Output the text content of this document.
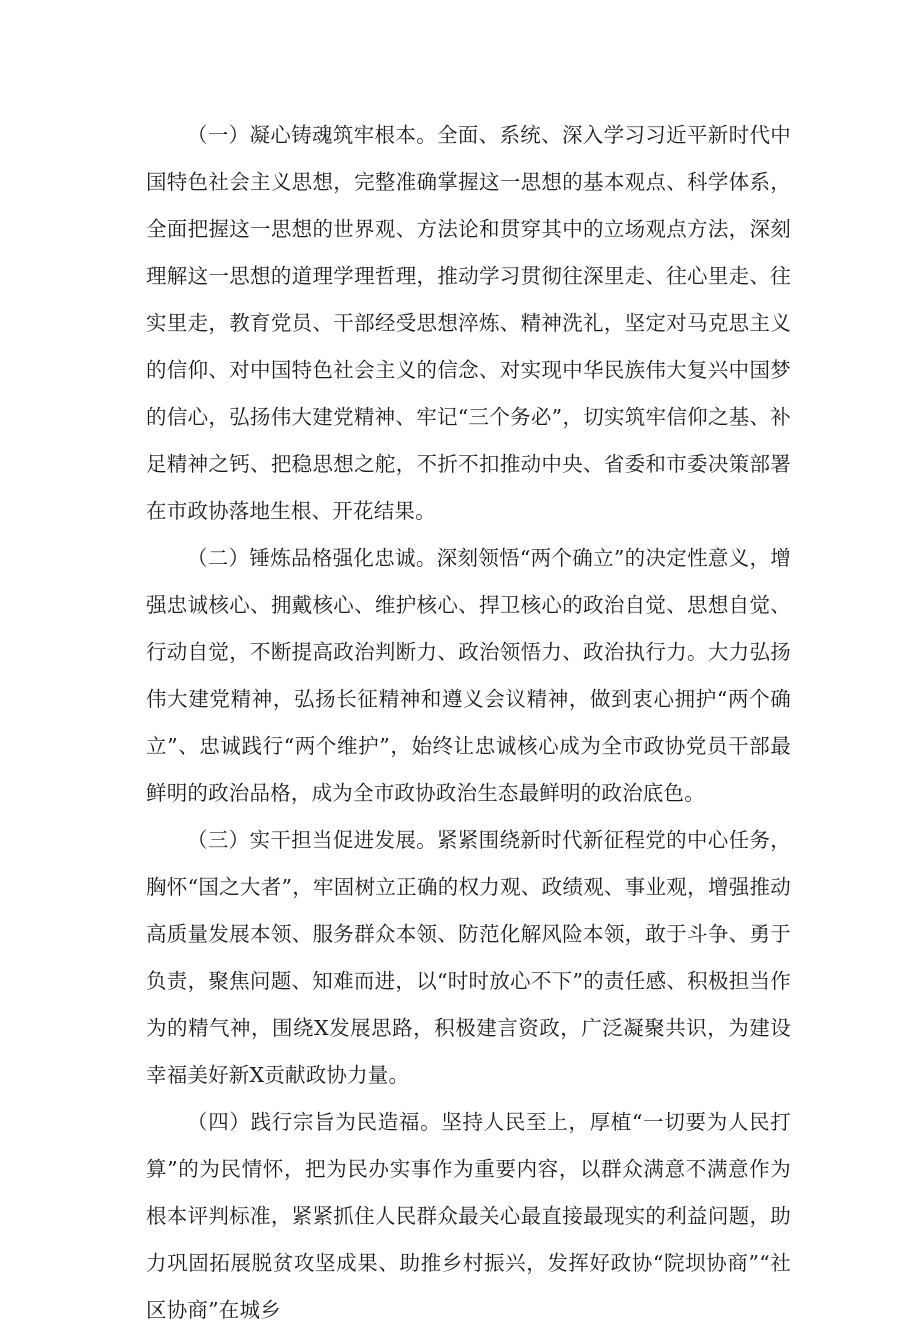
（一）凝心铸魂筑牢根本。全面、系统、深入学习习近平新时代中国特色社会主义思想，完整准确掌握这一思想的基本观点、科学体系，全面把握这一思想的世界观、方法论和贯穿其中的立场观点方法，深刻理解这一思想的道理学理哲理，推动学习贯彻往深里走、往心里走、往实里走，教育党员、干部经受思想淬炼、精神洗礼，坚定对马克思主义的信仰、对中国特色社会主义的信念、对实现中华民族伟大复兴中国梦的信心，弘扬伟大建党精神、牢记“三个务必”，切实筑牢信仰之基、补足精神之钙、把稳思想之舵，不折不扣推动中央、省委和市委决策部署在市政协落地生根、开花结果。

（二）锤炼品格强化忠诚。深刻领悟“两个确立”的决定性意义，增强忠诚核心、拥戴核心、维护核心、捍卫核心的政治自觉、思想自觉、行动自觉，不断提高政治判断力、政治领悟力、政治执行力。大力弘扬伟大建党精神，弘扬长征精神和遵义会议精神，做到衷心拥护“两个确立”、忠诚践行“两个维护”，始终让忠诚核心成为全市政协党员干部最鲜明的政治品格，成为全市政协政治生态最鲜明的政治底色。

（三）实干担当促进发展。紧紧围绕新时代新征程党的中心任务，胸怀“国之大者”，牢固树立正确的权力观、政绩观、事业观，增强推动高质量发展本领、服务群众本领、防范化解风险本领，敢于斗争、勇于负责，聚焦问题、知难而进，以“时时放心不下”的责任感、积极担当作为的精气神，围绕X发展思路，积极建言资政，广泛凝聚共识，为建设幸福美好新X贡献政协力量。

（四）践行宗旨为民造福。坚持人民至上，厚植“一切要为人民打算”的为民情怀，把为民办实事作为重要内容，以群众满意不满意作为根本评判标准，紧紧抓住人民群众最关心最直接最现实的利益问题，助力巩固拓展脱贫攻坚成果、助推乡村振兴，发挥好政协“院坝协商”“社区协商”在城乡
